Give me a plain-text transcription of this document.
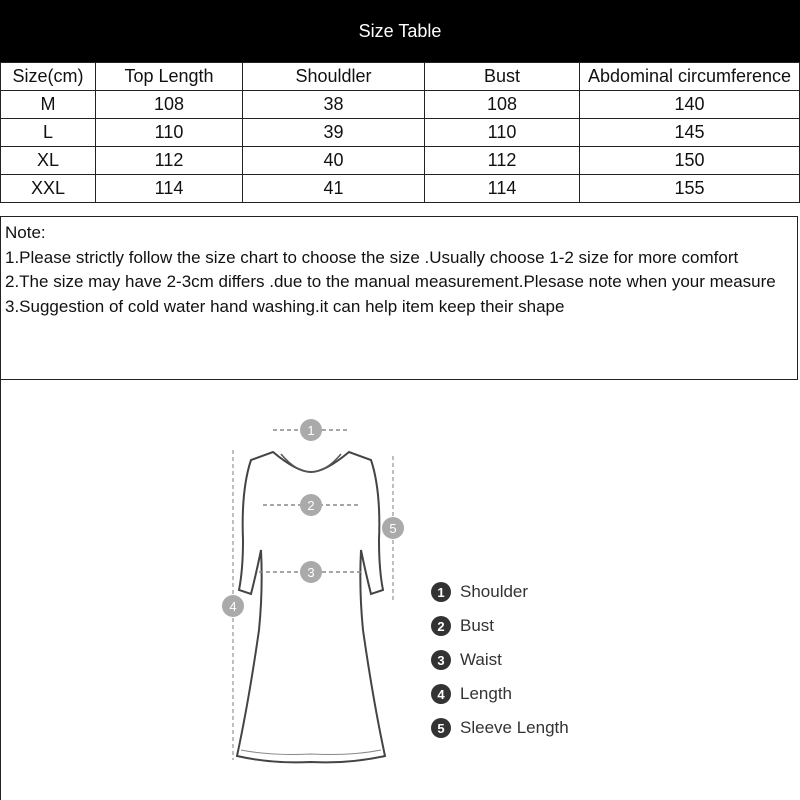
Size Table
Size(cm)	Top Length	Shouldler	Bust	Abdominal circumference
M	108	38	108	140
L	110	39	110	145
XL	112	40	112	150
XXL	114	41	114	155
Note:
1.Please strictly follow the size chart to choose the size .Usually choose 1-2 size for more comfort
2.The size may have 2-3cm differs .due to the manual measurement.Plesase note when your measure
3.Suggestion of cold water hand washing.it can help item keep their shape
1
2
3
4
5
1 Shoulder
2 Bust
3 Waist
4 Length
5 Sleeve Length
